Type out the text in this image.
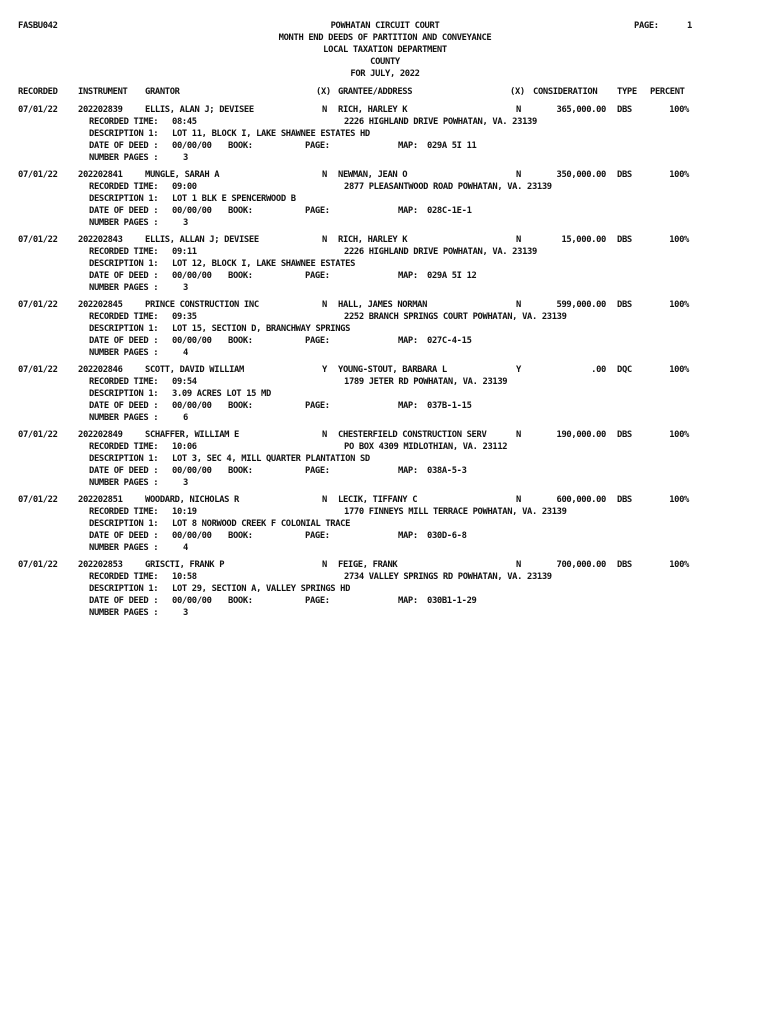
FASBU042	POWHATAN CIRCUIT COURT	PAGE:	1
MONTH END DEEDS OF PARTITION AND CONVEYANCE
LOCAL TAXATION DEPARTMENT
COUNTY
FOR JULY, 2022
RECORDED INSTRUMENT GRANTOR	(X) GRANTEE/ADDRESS	(X) CONSIDERATION TYPE PERCENT
07/01/22 202202839	ELLIS, ALAN J; DEVISEE	N RICH, HARLEY K	N	365,000.00 DBS	100%
RECORDED TIME: 08:45	2226 HIGHLAND DRIVE POWHATAN, VA. 23139
DESCRIPTION 1: LOT 11, BLOCK I, LAKE SHAWNEE ESTATES HD
DATE OF DEED : 00/00/00 BOOK:	PAGE:	MAP: 029A 5I 11
NUMBER PAGES :	3
07/01/22 202202841	MUNGLE, SARAH A	N NEWMAN, JEAN O	N	350,000.00 DBS	100%
RECORDED TIME: 09:00	2877 PLEASANTWOOD ROAD POWHATAN, VA. 23139
DESCRIPTION 1: LOT 1 BLK E SPENCERWOOD B
DATE OF DEED : 00/00/00 BOOK:	PAGE:	MAP: 028C-1E-1
NUMBER PAGES :	3
07/01/22 202202843	ELLIS, ALLAN J; DEVISEE	N RICH, HARLEY K	N	15,000.00 DBS	100%
RECORDED TIME: 09:11	2226 HIGHLAND DRIVE POWHATAN, VA. 23139
DESCRIPTION 1: LOT 12, BLOCK I, LAKE SHAWNEE ESTATES
DATE OF DEED : 00/00/00 BOOK:	PAGE:	MAP: 029A 5I 12
NUMBER PAGES :	3
07/01/22 202202845	PRINCE CONSTRUCTION INC	N HALL, JAMES NORMAN	N	599,000.00 DBS	100%
RECORDED TIME: 09:35	2252 BRANCH SPRINGS COURT POWHATAN, VA. 23139
DESCRIPTION 1: LOT 15, SECTION D, BRANCHWAY SPRINGS
DATE OF DEED : 00/00/00 BOOK:	PAGE:	MAP: 027C-4-15
NUMBER PAGES :	4
07/01/22 202202846	SCOTT, DAVID WILLIAM	Y YOUNG-STOUT, BARBARA L	Y	.00 DQC	100%
RECORDED TIME: 09:54	1789 JETER RD POWHATAN, VA. 23139
DESCRIPTION 1: 3.09 ACRES LOT 15 MD
DATE OF DEED : 00/00/00 BOOK:	PAGE:	MAP: 037B-1-15
NUMBER PAGES :	6
07/01/22 202202849	SCHAFFER, WILLIAM E	N CHESTERFIELD CONSTRUCTION SERV	N	190,000.00 DBS	100%
RECORDED TIME: 10:06	PO BOX 4309 MIDLOTHIAN, VA. 23112
DESCRIPTION 1: LOT 3, SEC 4, MILL QUARTER PLANTATION SD
DATE OF DEED : 00/00/00 BOOK:	PAGE:	MAP: 038A-5-3
NUMBER PAGES :	3
07/01/22 202202851	WOODARD, NICHOLAS R	N LECIK, TIFFANY C	N	600,000.00 DBS	100%
RECORDED TIME: 10:19	1770 FINNEYS MILL TERRACE POWHATAN, VA. 23139
DESCRIPTION 1: LOT 8 NORWOOD CREEK F COLONIAL TRACE
DATE OF DEED : 00/00/00 BOOK:	PAGE:	MAP: 030D-6-8
NUMBER PAGES :	4
07/01/22 202202853	GRISCTI, FRANK P	N FEIGE, FRANK	N	700,000.00 DBS	100%
RECORDED TIME: 10:58	2734 VALLEY SPRINGS RD POWHATAN, VA. 23139
DESCRIPTION 1: LOT 29, SECTION A, VALLEY SPRINGS HD
DATE OF DEED : 00/00/00 BOOK:	PAGE:	MAP: 030B1-1-29
NUMBER PAGES :	3
